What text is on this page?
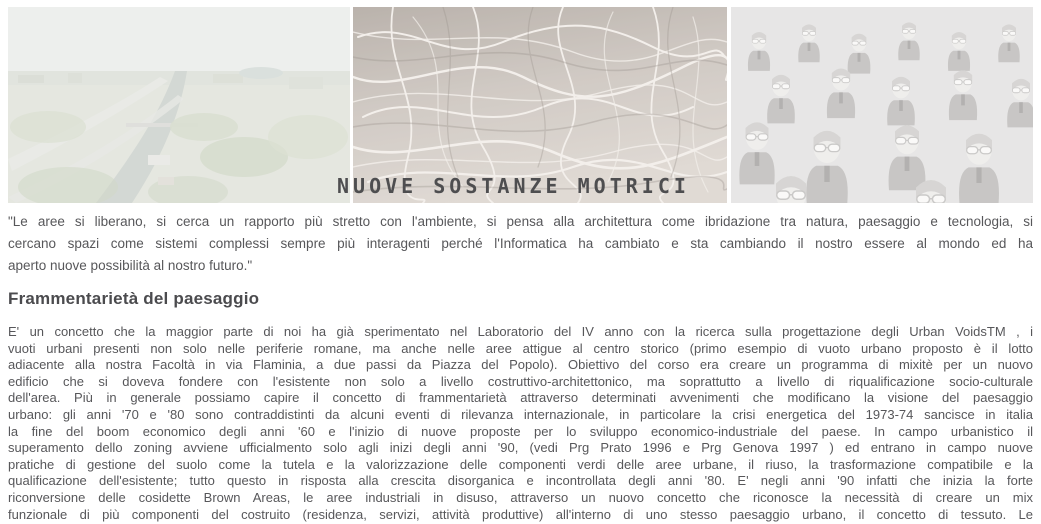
NUOVE SOSTANZE MOTRICI
"Le aree si liberano, si cerca un rapporto più stretto con l'ambiente, si pensa alla architettura come ibridazione tra natura, paesaggio e tecnologia, si
cercano spazi come sistemi complessi sempre più interagenti perché l'Informatica ha cambiato e sta cambiando il nostro essere al mondo ed ha
aperto nuove possibilità al nostro futuro."
Frammentarietà del paesaggio
E' un concetto che la maggior parte di noi ha già sperimentato nel Laboratorio del IV anno con la ricerca sulla progettazione degli Urban VoidsTM , i
vuoti urbani presenti non solo nelle periferie romane, ma anche nelle aree attigue al centro storico (primo esempio di vuoto urbano proposto è il lotto
adiacente alla nostra Facoltà in via Flaminia, a due passi da Piazza del Popolo). Obiettivo del corso era creare un programma di mixitè per un nuovo
edificio che si doveva fondere con l'esistente non solo a livello costruttivo-architettonico, ma soprattutto a livello di riqualificazione socio-culturale
dell'area. Più in generale possiamo capire il concetto di frammentarietà attraverso determinati avvenimenti che modificano la visione del paesaggio
urbano: gli anni '70 e '80 sono contraddistinti da alcuni eventi di rilevanza internazionale, in particolare la crisi energetica del 1973-74 sancisce in italia
la fine del boom economico degli anni '60 e l'inizio di nuove proposte per lo sviluppo economico-industriale del paese. In campo urbanistico il
superamento dello zoning avviene ufficialmento solo agli inizi degli anni '90, (vedi Prg Prato 1996 e Prg Genova 1997 ) ed entrano in campo nuove
pratiche di gestione del suolo come la tutela e la valorizzazione delle componenti verdi delle aree urbane, il riuso, la trasformazione compatibile e la
qualificazione dell'esistente; tutto questo in risposta alla crescita disorganica e incontrollata degli anni '80. E' negli anni '90 infatti che inizia la forte
riconversione delle cosidette Brown Areas, le aree industriali in disuso, attraverso un nuovo concetto che riconosce la necessità di creare un mix
funzionale di più componenti del costruito (residenza, servizi, attività produttive) all'interno di uno stesso paesaggio urbano, il concetto di tessuto. Le
